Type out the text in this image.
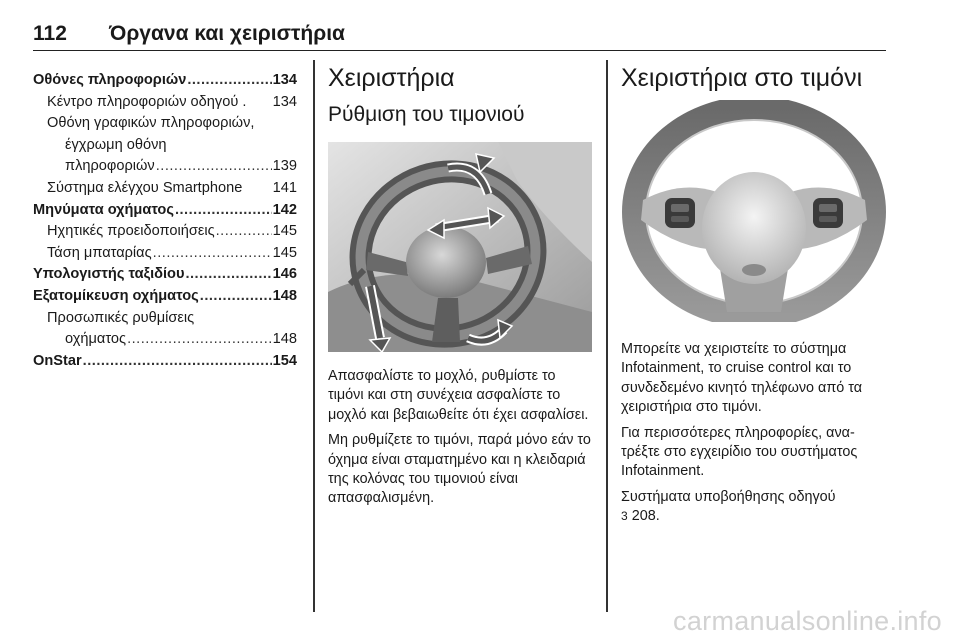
112 Όργανα και χειριστήρια
Οθόνες πληροφοριών .....	134
Κέντρο πληροφοριών οδηγού . 134
Οθόνη γραφικών πληροφοριών,
έγχρωμη οθόνη
πληροφοριών .....	139
Σύστημα ελέγχου Smartphone 141
Μηνύματα οχήματος .....	142
Ηχητικές προειδοποιήσεις .....	145
Τάση μπαταρίας .....	145
Υπολογιστής ταξιδίου .....	146
Εξατομίκευση οχήματος .....	148
Προσωπικές ρυθμίσεις
οχήματος .....	148
OnStar .....	154
Χειριστήρια
Ρύθμιση του τιμονιού

Απασφαλίστε το μοχλό, ρυθμίστε το τιμόνι και στη συνέχεια ασφαλίστε το μοχλό και βεβαιωθείτε ότι έχει ασφαλίσει.

Μη ρυθμίζετε το τιμόνι, παρά μόνο εάν το όχημα είναι σταματημένο και η κλειδαριά της κολόνας του τιμονιού είναι απασφαλισμένη.

Χειριστήρια στο τιμόνι

Μπορείτε να χειριστείτε το σύστημα Infotainment, το cruise control και το συνδεδεμένο κινητό τηλέφωνο από τα χειριστήρια στο τιμόνι.

Για περισσότερες πληροφορίες, ανατρέξτε στο εγχειρίδιο του συστήματος Infotainment.

Συστήματα υποβοήθησης οδηγού

3 208.

carmanualsonline.info
